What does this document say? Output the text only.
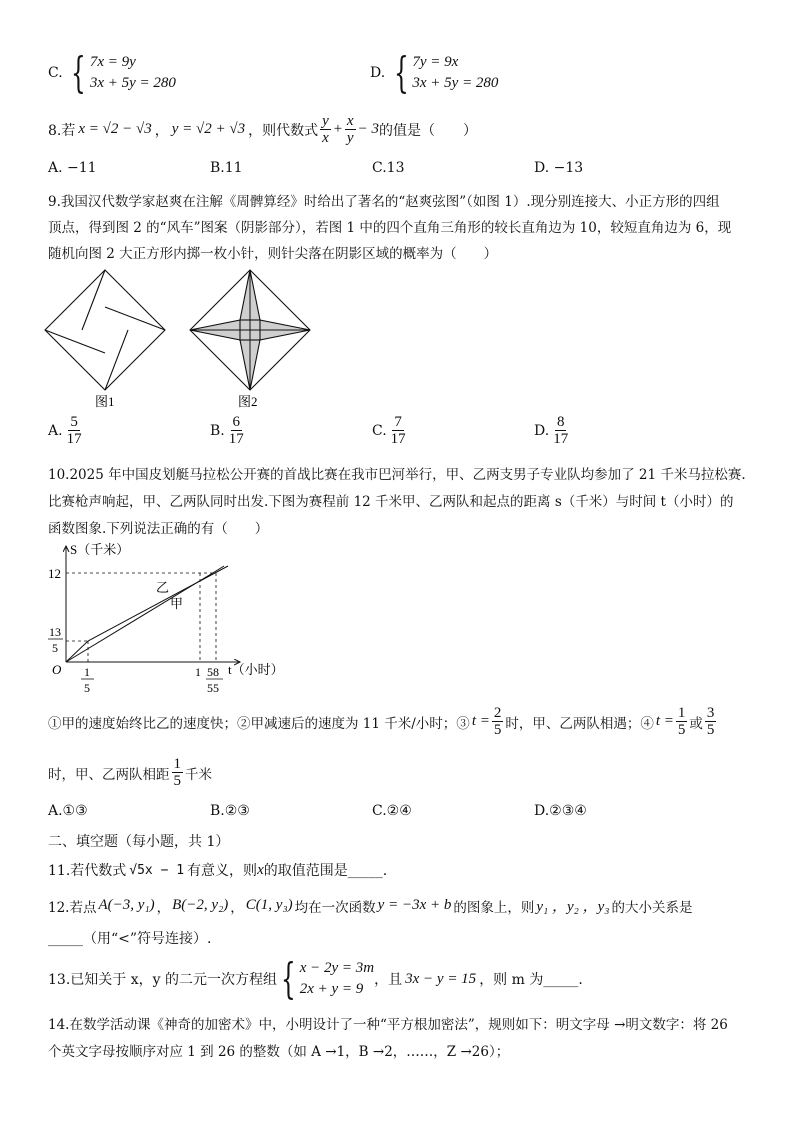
C. { 7x = 9y
3x + 5y = 280
D. { 7y = 9x
3x + 5y = 280
8.若 x = √2 − √3 ， y = √2 + √3 ，则代数式 $\frac{y}{x} + \frac{x}{y} - 3$ 的值是（　　）
A. −11	B.11	C.13	D. −13
9.我国汉代数学家赵爽在注解《周髀算经》时给出了著名的“赵爽弦图”（如图 1）.现分别连接大、小正方形的四组
顶点，得到图 2 的“风车”图案（阴影部分），若图 1 中的四个直角三角形的较长直角边为 10，较短直角边为 6，现
随机向图 2 大正方形内掷一枚小针，则针尖落在阴影区域的概率为（　　）
图1	图2
A. $\frac{5}{17}$	B. $\frac{6}{17}$	C. $\frac{7}{17}$	D. $\frac{8}{17}$
10.2025 年中国皮划艇马拉松公开赛的首战比赛在我市巴河举行，甲、乙两支男子专业队均参加了 21 千米马拉松赛.
比赛枪声响起，甲、乙两队同时出发.下图为赛程前 12 千米甲、乙两队和起点的距离 s（千米）与时间 t（小时）的
函数图象.下列说法正确的有（　　）
S（千米）
t（小时）
O
12
13
5
1
5
1 58
55
乙
甲
①甲的速度始终比乙的速度快；②甲减速后的速度为 11 千米/小时；③ $t = \frac{2}{5}$ 时，甲、乙两队相遇；④ $t = \frac{1}{5}$ 或 $\frac{3}{5}$
时，甲、乙两队相距 $\frac{1}{5}$ 千米
A.①③	B.②③	C.②④	D.②③④
二、填空题（每小题，共 1）
11.若代数式 √5x − 1 有意义，则 x 的取值范围是_____.
12.若点 A(−3, y₁) ， B(−2, y₂) ， C(1, y₃) 均在一次函数 y = −3x + b 的图象上，则 y₁ ，y₂ ，y₃ 的大小关系是
_____（用“<”符号连接）.
13.已知关于 x，y 的二元一次方程组 { x − 2y = 3m
2x + y = 9
，且 3x − y = 15 ，则 m 为_____.
14.在数学活动课《神奇的加密术》中，小明设计了一种“平方根加密法”，规则如下：明文字母 →明文数字：将 26
个英文字母按顺序对应 1 到 26 的整数（如 A →1，B →2，……，Z →26）；
